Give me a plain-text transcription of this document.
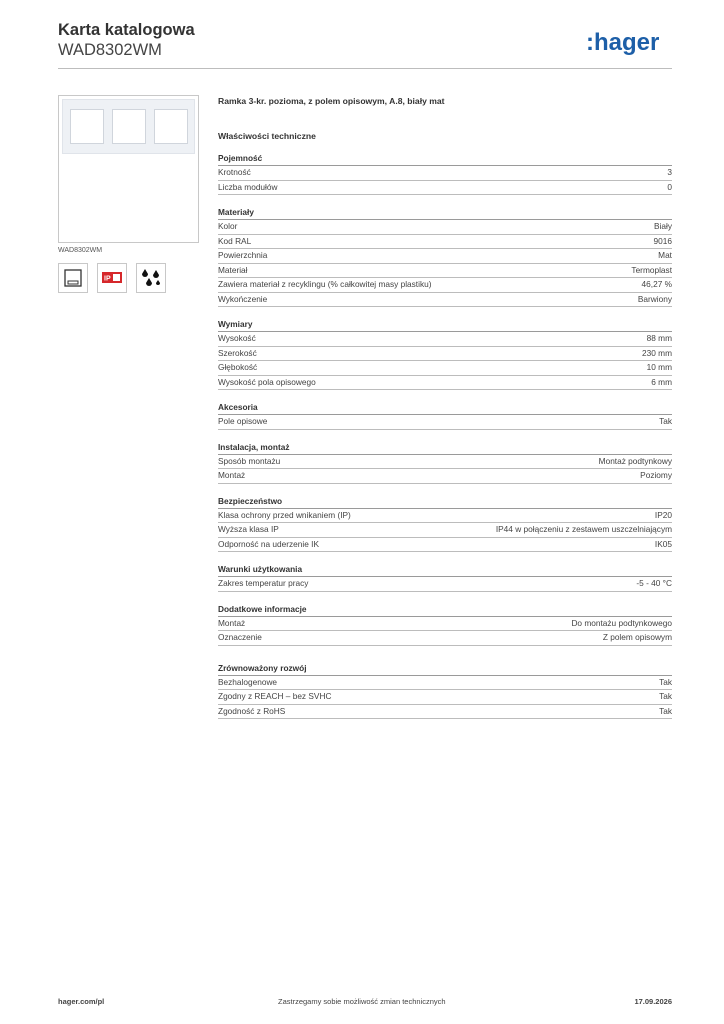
Karta katalogowa
WAD8302WM	:hager
WAD8302WM
IP
Ramka 3-kr. pozioma, z polem opisowym, A.8, biały mat
Właściwości techniczne
Pojemność
Krotność	3
Liczba modułów	0
Materiały
Kolor	Biały
Kod RAL	9016
Powierzchnia	Mat
Materiał	Termoplast
Zawiera materiał z recyklingu (% całkowitej masy plastiku)	46,27 %
Wykończenie	Barwiony
Wymiary
Wysokość	88 mm
Szerokość	230 mm
Głębokość	10 mm
Wysokość pola opisowego	6 mm
Akcesoria
Pole opisowe	Tak
Instalacja, montaż
Sposób montażu	Montaż podtynkowy
Montaż	Poziomy
Bezpieczeństwo
Klasa ochrony przed wnikaniem (IP)	IP20
Wyższa klasa IP	IP44 w połączeniu z zestawem uszczelniającym
Odporność na uderzenie IK	IK05
Warunki użytkowania
Zakres temperatur pracy	-5 - 40 °C
Dodatkowe informacje
Montaż	Do montażu podtynkowego
Oznaczenie	Z polem opisowym
Zrównoważony rozwój
Bezhalogenowe	Tak
Zgodny z REACH – bez SVHC	Tak
Zgodność z RoHS	Tak
hager.com/pl	Zastrzegamy sobie możliwość zmian technicznych	17.09.2026
